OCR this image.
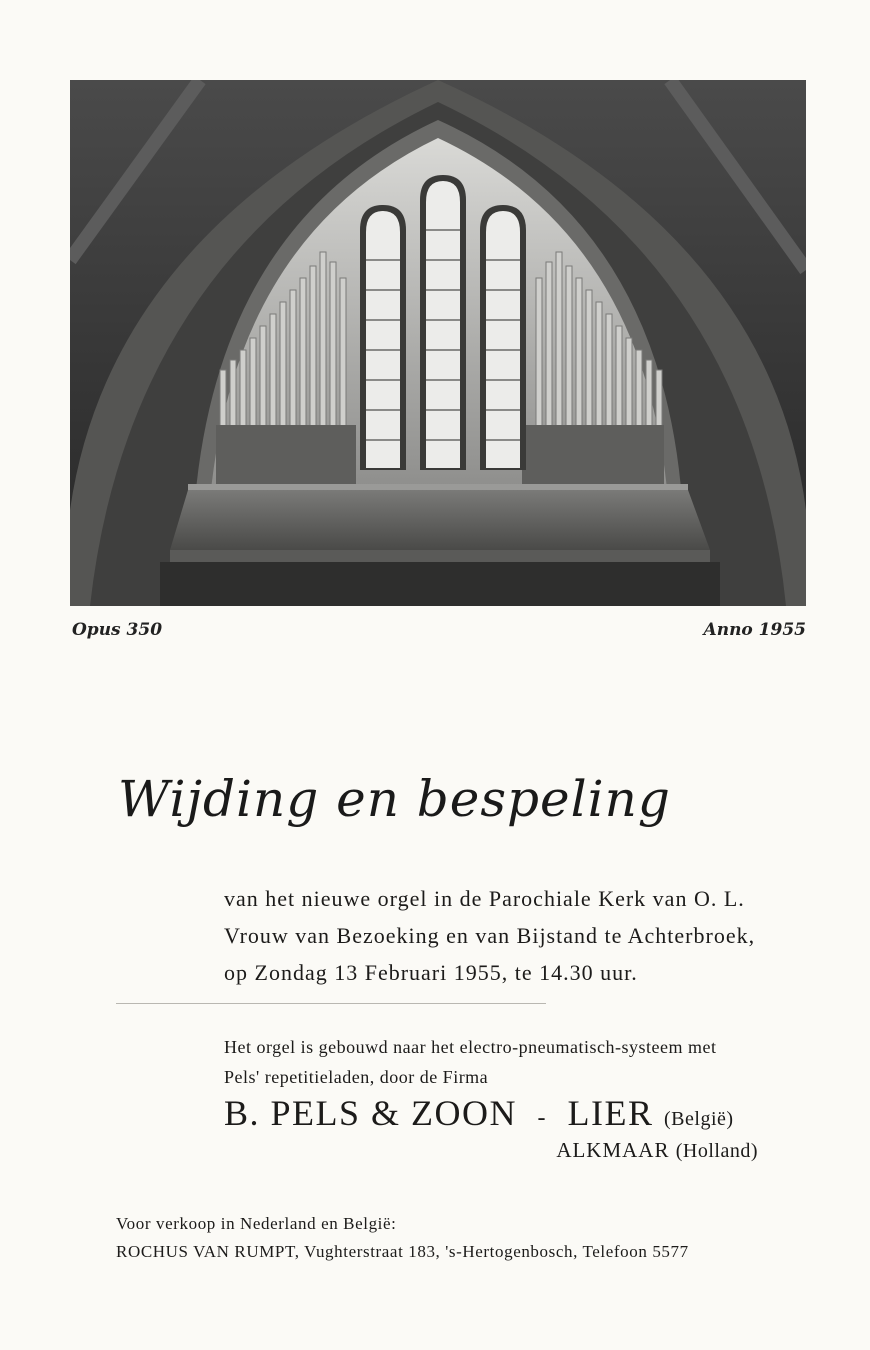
Opus 350	Anno 1955
Wijding en bespeling
van het nieuwe orgel in de Parochiale Kerk van O. L.
Vrouw van Bezoeking en van Bijstand te Achterbroek,
op Zondag 13 Februari 1955, te 14.30 uur.
Het orgel is gebouwd naar het electro-pneumatisch-systeem met
Pels' repetitieladen, door de Firma
B. PELS & ZOON - LIER (België)
ALKMAAR (Holland)
Voor verkoop in Nederland en België:
ROCHUS VAN RUMPT, Vughterstraat 183, 's-Hertogenbosch, Telefoon 5577
